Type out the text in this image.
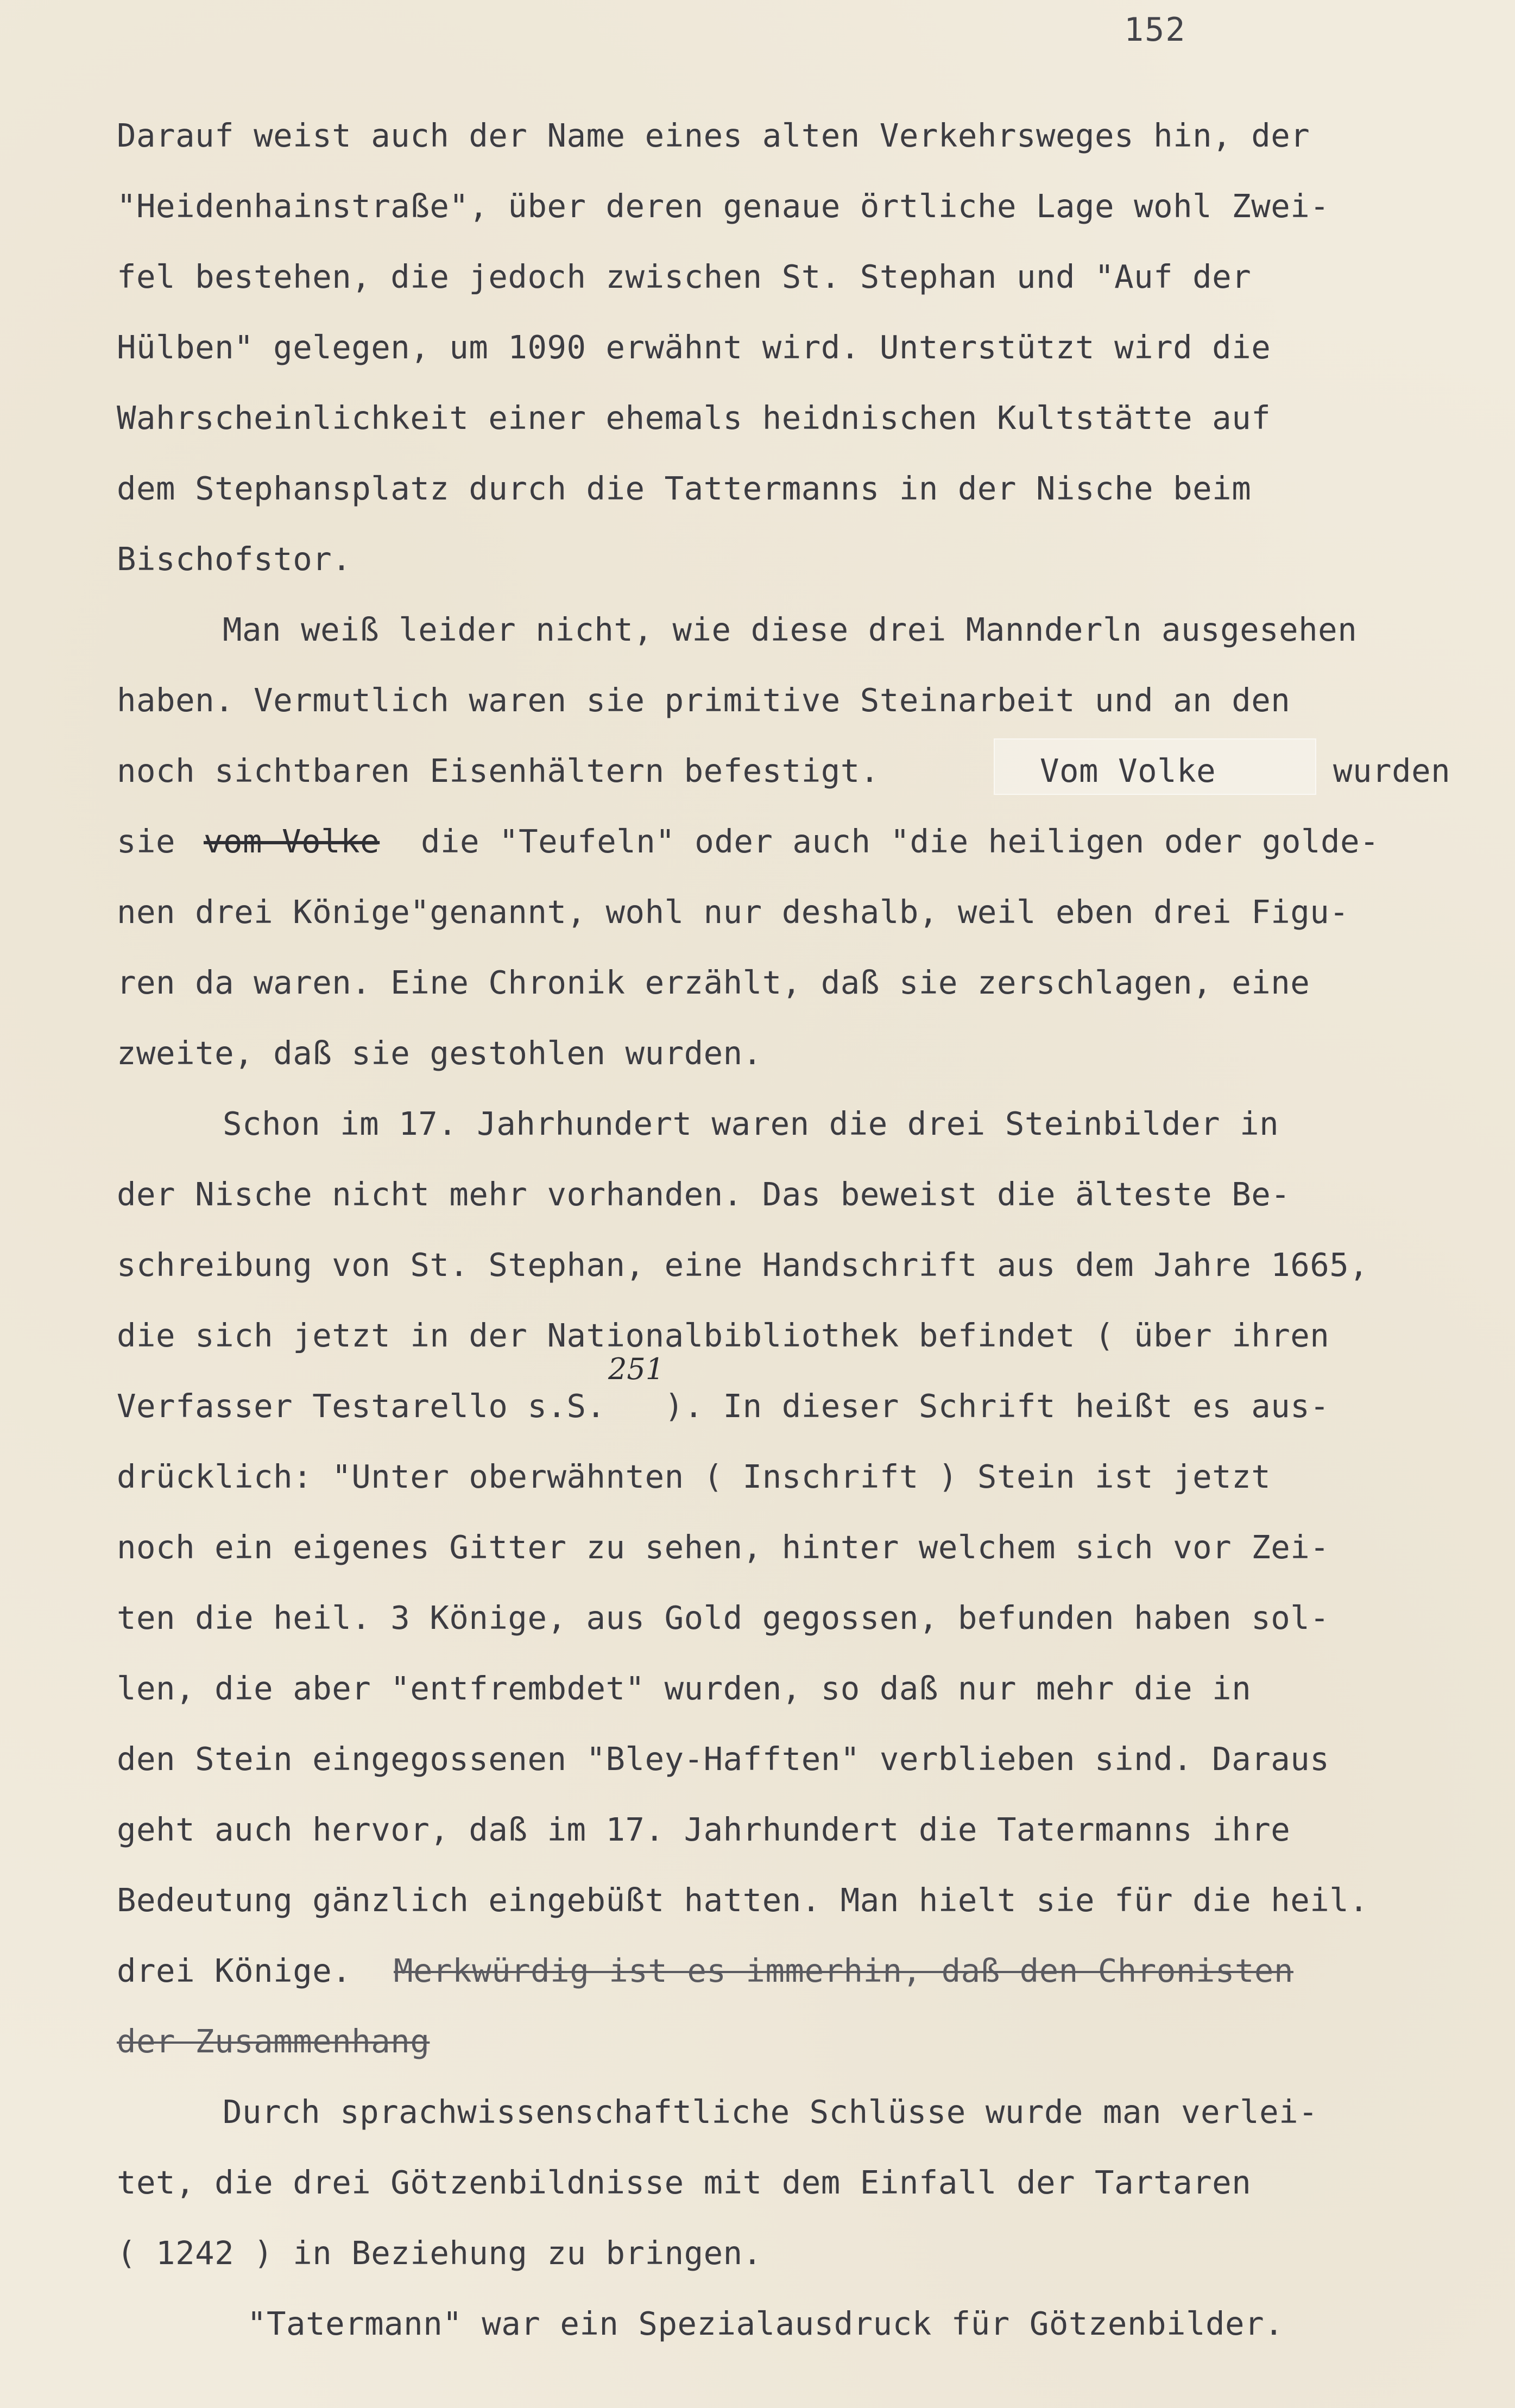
152
Darauf weist auch der Name eines alten Verkehrsweges hin, der
"Heidenhainstraße", über deren genaue örtliche Lage wohl Zwei-
fel bestehen, die jedoch zwischen St. Stephan und "Auf der
Hülben" gelegen, um 1090 erwähnt wird. Unterstützt wird die
Wahrscheinlichkeit einer ehemals heidnischen Kultstätte auf
dem Stephansplatz durch die Tattermanns in der Nische beim
Bischofstor.
Man weiß leider nicht, wie diese drei Mannderln ausgesehen
haben. Vermutlich waren sie primitive Steinarbeit und an den
noch sichtbaren Eisenhältern befestigt.	Vom Volke	wurden
sie vom Volke die "Teufeln" oder auch "die heiligen oder golde-
nen drei Könige"genannt, wohl nur deshalb, weil eben drei Figu-
ren da waren. Eine Chronik erzählt, daß sie zerschlagen, eine
zweite, daß sie gestohlen wurden.
Schon im 17. Jahrhundert waren die drei Steinbilder in
der Nische nicht mehr vorhanden. Das beweist die älteste Be-
schreibung von St. Stephan, eine Handschrift aus dem Jahre 1665,
die sich jetzt in der Nationalbibliothek befindet ( über ihren
Verfasser Testarello s.S.   ). In dieser Schrift heißt es aus-
251
drücklich: "Unter oberwähnten ( Inschrift ) Stein ist jetzt
noch ein eigenes Gitter zu sehen, hinter welchem sich vor Zei-
ten die heil. 3 Könige, aus Gold gegossen, befunden haben sol-
len, die aber "entfrembdet" wurden, so daß nur mehr die in
den Stein eingegossenen "Bley-Hafften" verblieben sind. Daraus
geht auch hervor, daß im 17. Jahrhundert die Tatermanns ihre
Bedeutung gänzlich eingebüßt hatten. Man hielt sie für die heil.
drei Könige. Merkwürdig ist es immerhin, daß den Chronisten
der Zusammenhang
Durch sprachwissenschaftliche Schlüsse wurde man verlei-
tet, die drei Götzenbildnisse mit dem Einfall der Tartaren
( 1242 ) in Beziehung zu bringen.
"Tatermann" war ein Spezialausdruck für Götzenbilder.
